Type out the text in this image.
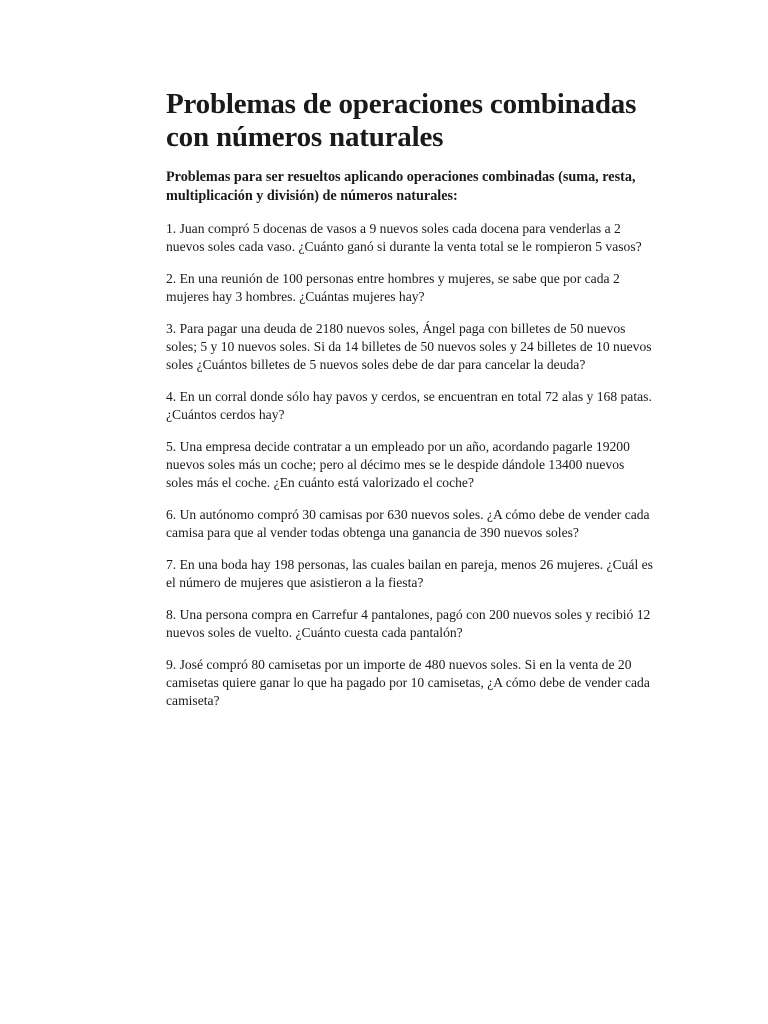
Problemas de operaciones combinadas
con números naturales

Problemas para ser resueltos aplicando operaciones combinadas (suma, resta, multiplicación y división) de números naturales:

1. Juan compró 5 docenas de vasos a 9 nuevos soles cada docena para venderlas a 2 nuevos soles cada vaso. ¿Cuánto ganó si durante la venta total se le rompieron 5 vasos?
2. En una reunión de 100 personas entre hombres y mujeres, se sabe que por cada 2 mujeres hay 3 hombres. ¿Cuántas mujeres hay?
3. Para pagar una deuda de 2180 nuevos soles, Ángel paga con billetes de 50 nuevos soles; 5 y 10 nuevos soles. Si da 14 billetes de 50 nuevos soles y 24 billetes de 10 nuevos soles ¿Cuántos billetes de 5 nuevos soles debe de dar para cancelar la deuda?
4. En un corral donde sólo hay pavos y cerdos, se encuentran en total 72 alas y 168 patas. ¿Cuántos cerdos hay?
5. Una empresa decide contratar a un empleado por un año, acordando pagarle 19200 nuevos soles más un coche; pero al décimo mes se le despide dándole 13400 nuevos soles más el coche. ¿En cuánto está valorizado el coche?
6. Un autónomo compró 30 camisas por 630 nuevos soles. ¿A cómo debe de vender cada camisa para que al vender todas obtenga una ganancia de 390 nuevos soles?
7. En una boda hay 198 personas, las cuales bailan en pareja, menos 26 mujeres. ¿Cuál es el número de mujeres que asistieron a la fiesta?
8. Una persona compra en Carrefur 4 pantalones, pagó con 200 nuevos soles y recibió 12 nuevos soles de vuelto. ¿Cuánto cuesta cada pantalón?
9. José compró 80 camisetas por un importe de 480 nuevos soles. Si en la venta de 20 camisetas quiere ganar lo que ha pagado por 10 camisetas, ¿A cómo debe de vender cada camiseta?
